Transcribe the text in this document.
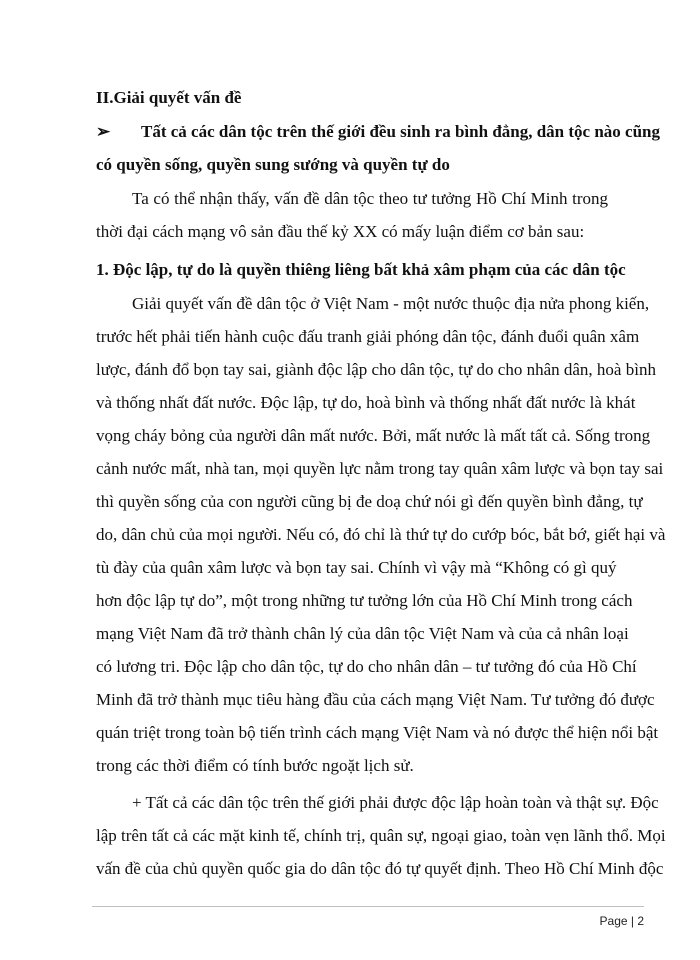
II.Giải quyết vấn đề
➢ Tất cả các dân tộc trên thế giới đều sinh ra bình đẳng, dân tộc nào cũng
có quyền sống, quyền sung sướng và quyền tự do
Ta có thể nhận thấy, vấn đề dân tộc theo tư tưởng Hồ Chí Minh trong
thời đại cách mạng vô sản đầu thế kỷ XX có mấy luận điểm cơ bản sau:
1. Độc lập, tự do là quyền thiêng liêng bất khả xâm phạm của các dân tộc
Giải quyết vấn đề dân tộc ở Việt Nam - một nước thuộc địa nửa phong kiến,
trước hết phải tiến hành cuộc đấu tranh giải phóng dân tộc, đánh đuổi quân xâm
lược, đánh đổ bọn tay sai, giành độc lập cho dân tộc, tự do cho nhân dân, hoà bình
và thống nhất đất nước. Độc lập, tự do, hoà bình và thống nhất đất nước là khát
vọng cháy bỏng của người dân mất nước. Bởi, mất nước là mất tất cả. Sống trong
cảnh nước mất, nhà tan, mọi quyền lực nằm trong tay quân xâm lược và bọn tay sai
thì quyền sống của con người cũng bị đe doạ chứ nói gì đến quyền bình đẳng, tự
do, dân chủ của mọi người. Nếu có, đó chỉ là thứ tự do cướp bóc, bắt bớ, giết hại và
tù đày của quân xâm lược và bọn tay sai. Chính vì vậy mà “Không có gì quý
hơn độc lập tự do”, một trong những tư tưởng lớn của Hồ Chí Minh trong cách
mạng Việt Nam đã trở thành chân lý của dân tộc Việt Nam và của cả nhân loại
có lương tri. Độc lập cho dân tộc, tự do cho nhân dân – tư tưởng đó của Hồ Chí
Minh đã trở thành mục tiêu hàng đầu của cách mạng Việt Nam. Tư tưởng đó được
quán triệt trong toàn bộ tiến trình cách mạng Việt Nam và nó được thể hiện nổi bật
trong các thời điểm có tính bước ngoặt lịch sử.
+ Tất cả các dân tộc trên thế giới phải được độc lập hoàn toàn và thật sự. Độc
lập trên tất cả các mặt kinh tế, chính trị, quân sự, ngoại giao, toàn vẹn lãnh thổ. Mọi
vấn đề của chủ quyền quốc gia do dân tộc đó tự quyết định. Theo Hồ Chí Minh độc
Page | 2
